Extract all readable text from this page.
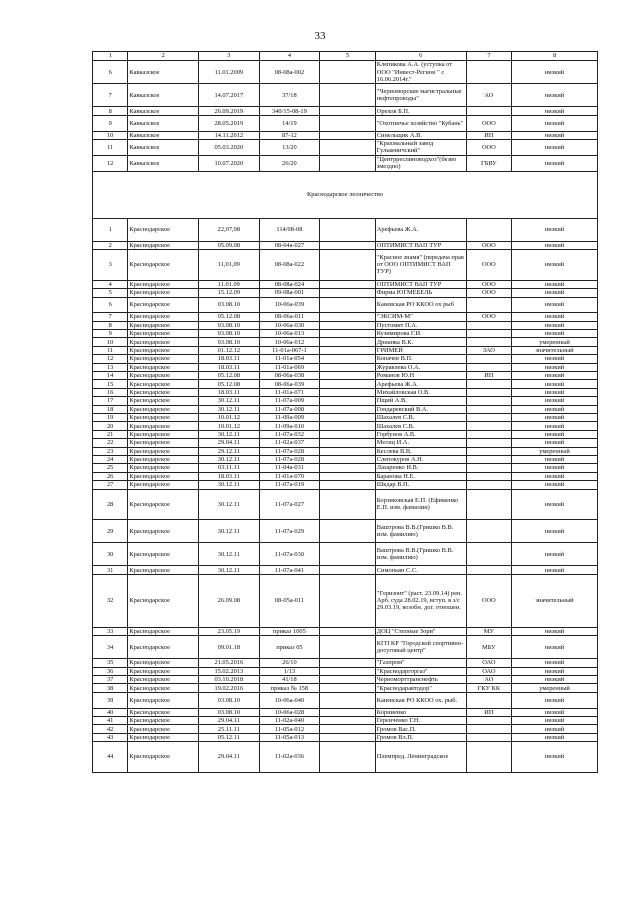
33
1	2	3	4	5	6	7	8
6	Кавказское	11.01.2009	08-08а-002		Клепикова А.А. (уступка от ООО "Инвест-Регион " с 16.06.2014г."		низкий
7	Кавказское	14.07.2017	37/18		"Черноморские магистральные нефтепроводы"	АО	низкий
8	Кавказское	26.09.2019	340/15-08-19		Орехов Б.П.		низкий
9	Кавказское	28.05.2019	14/19		"Охотничье хозяйство "Кубань"	ООО	низкий
10	Кавказское	14.11.2012	87-12		Синельщик А.В.	ИП	низкий
11	Кавказское	05.03.2020	13/20		"Крахмальный завод Гулькевичский"	ООО	низкий
12	Кавказское	10.07.2020	26/20		"Центрреспиноводхоз"(безво змездно)	ГБВУ	низкий
Краснодарское лесничество							
1	Краснодарское	22,07,08	114/08-08		Арефьева Ж.А.		низкий
2	Краснодарское	05.09.08	08-04а-027		ОПТИМИСТ ВАП ТУР	ООО	низкий
3	Краснодарское	11,01,09	08-08а-022		"Красное знамя" (передача прав от ООО ОПТИМИСТ ВАП ТУР)	ООО	низкий
4	Краснодарское	11.01.09	08-08а-024		ОПТИМИСТ ВАП ТУР	ООО	низкий
5	Краснодарское	15.12.09	09-08а-001		Фирма ЮГМЕБЕЛЬ	ООО	низкий
6	Краснодарское	03.08.10	10-06а-039		Каневская РО ККОО ох рыб		низкий
7	Краснодарское	05.12.08	08-06а-011		"ЭКСИМ-М"	ООО	низкий
8	Краснодарское	03.08.10	10-06а-030		Пустомит П.А.		низкий
9	Краснодарское	03.08.10	10-06а-013		Кузимирова Г.И.		низкий
10	Краснодарское	03.08.10	10-06а-012		Дрианка В.К.		умеренный
11	Краснодарское	01.12.12	11-01а-067-1		ГРИМЕЙ	ЗАО	значительный
12	Краснодарское	18.03.11	11-01а-054		Копачев В.П.		низкий
13	Краснодарское	18.03.11	11-01а-069		Журавлева О.А.		низкий
14	Краснодарское	05.12.08	08-06а-038		Романов Ю.Н	ИП	низкий
15	Краснодарское	05.12.08	08-06а-039		Арефьева Ж.А.		низкий
16	Краснодарское	18.03.11	11-01а-071		Михайловская О.В.		низкий
17	Краснодарское	30.12.11	11-07а-009		Пщий А.В.		низкий
18	Краснодарское	30.12.11	11-07а-008		Гондаревский В.А.		низкий
19	Краснодарское	10.01.12	11-09а-009		Шахалев С.В.		низкий
20	Краснодарское	10.01.12	11-09а-010		Шахалев С.В.		низкий
21	Краснодарское	30.12.11	11-07а-032		Горбунов А.В.		низкий
22	Краснодарское	29.04.11	11-02а-037		Месиц И.А.		низкий
23	Краснодарское	29.12.11	11-07а-028		Кеслева В.В.		умеренный
24	Краснодарское	30.12.11	11-07а-028		Слепокуров А.Н.		низкий
25	Краснодарское	03.11.11	11-04а-031		Лазаренко И.В.		низкий
26	Краснодарское	18.03.11	11-01а-070		Баранова Н.Е.		низкий
27	Краснодарское	30.12.11	11-07а-019		Шкдар В.П.		низкий
28	Краснодарское	30.12.11	11-07а-027		Борзиковская Е.П. (Ефименко Е.П. изм. фамилии)		низкий
29	Краснодарское	30.12.11	11-07а-029		Ваштрова В.В.(Гришко В.В. изм. фамилию)		низкий
30	Краснодарское	30.12.11	11-07а-030		Ваштрова В.В.(Гришко В.В. изм. фамилию)		низкий
31	Краснодарское	30.12.11	11-07а-041		Симоньян С.С.		низкий
32	Краснодарское	26.09.08	08-05а-011		"Горизонт" (раст. 23.09.14) рен. Арб. суда 28.02.19, вступ. в з/с 29.03.19, возобн. дог. отношен.	ООО	значительный
33	Краснодарское	23.05.19	приказ 1005		ДОЦ "Степные Зори"	МУ	низкий
34	Краснодарское	09.01.18	приказ 05		КГП КР "Городской спортивно-досуговый центр"	МБУ	низкий
35	Краснодарское	21.05.2016	26/10		"Газпром"	ОАО	низкий
36	Краснодарское	15.02.2013	1/13		"Краснодаргоргаз"	ОАО	низкий
37	Краснодарское	03.10.2018	41/18		Черноморттранснефть	АО	низкий
38	Краснодарское	19.02.2016	приказ № 158		"Краснодаравтодор"	ГКУ КК	умеренный
39	Краснодарское	03.08.10	10-06а-040		Каневская РО ККОО ох. рыб.		низкий
40	Краснодарское	03.08.10	10-06а-028		Корниенко	ИП	низкий
41	Краснодарское	29.04.11	11-02а-040		Геренченко Г.Н.		низкий
42	Краснодарское	25.11.11	11-05а-012		Громов Вас.П.		низкий
43	Краснодарское	05.12.11	11-05а-013		Громов Вл.П.		низкий
44	Краснодарское	29.04.11	11-02а-036		Племпред. Ленинградское		низкий
